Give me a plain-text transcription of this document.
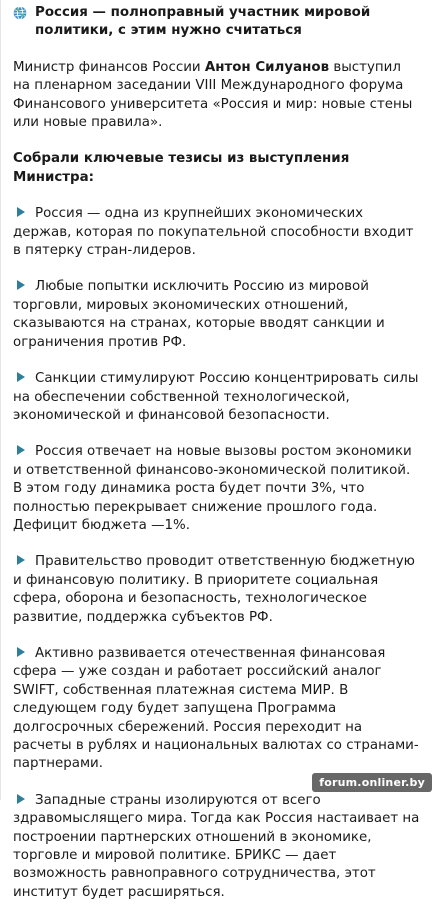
Россия — полноправный участник мировой политики, с этим нужно считаться
Министр финансов России Антон Силуанов выступил на пленарном заседании VIII Международного форума Финансового университета «Россия и мир: новые стены или новые правила».
Собрали ключевые тезисы из выступления Министра:
Россия — одна из крупнейших экономических держав, которая по покупательной способности входит в пятерку стран-лидеров.
Любые попытки исключить Россию из мировой торговли, мировых экономических отношений, сказываются на странах, которые вводят санкции и ограничения против РФ.
Санкции стимулируют Россию концентрировать силы на обеспечении собственной технологической, экономической и финансовой безопасности.
Россия отвечает на новые вызовы ростом экономики и ответственной финансово-экономической политикой. В этом году динамика роста будет почти 3%, что полностью перекрывает снижение прошлого года. Дефицит бюджета —1%.
Правительство проводит ответственную бюджетную и финансовую политику. В приоритете социальная сфера, оборона и безопасность, технологическое развитие, поддержка субъектов РФ.
Активно развивается отечественная финансовая сфера — уже создан и работает российский аналог SWIFT, собственная платежная система МИР. В следующем году будет запущена Программа долгосрочных сбережений. Россия переходит на расчеты в рублях и национальных валютах со странами-партнерами.
Западные страны изолируются от всего здравомыслящего мира. Тогда как Россия настаивает на построении партнерских отношений в экономике, торговле и мировой политике. БРИКС — дает возможность равноправного сотрудничества, этот институт будет расширяться.
forum.onliner.by
